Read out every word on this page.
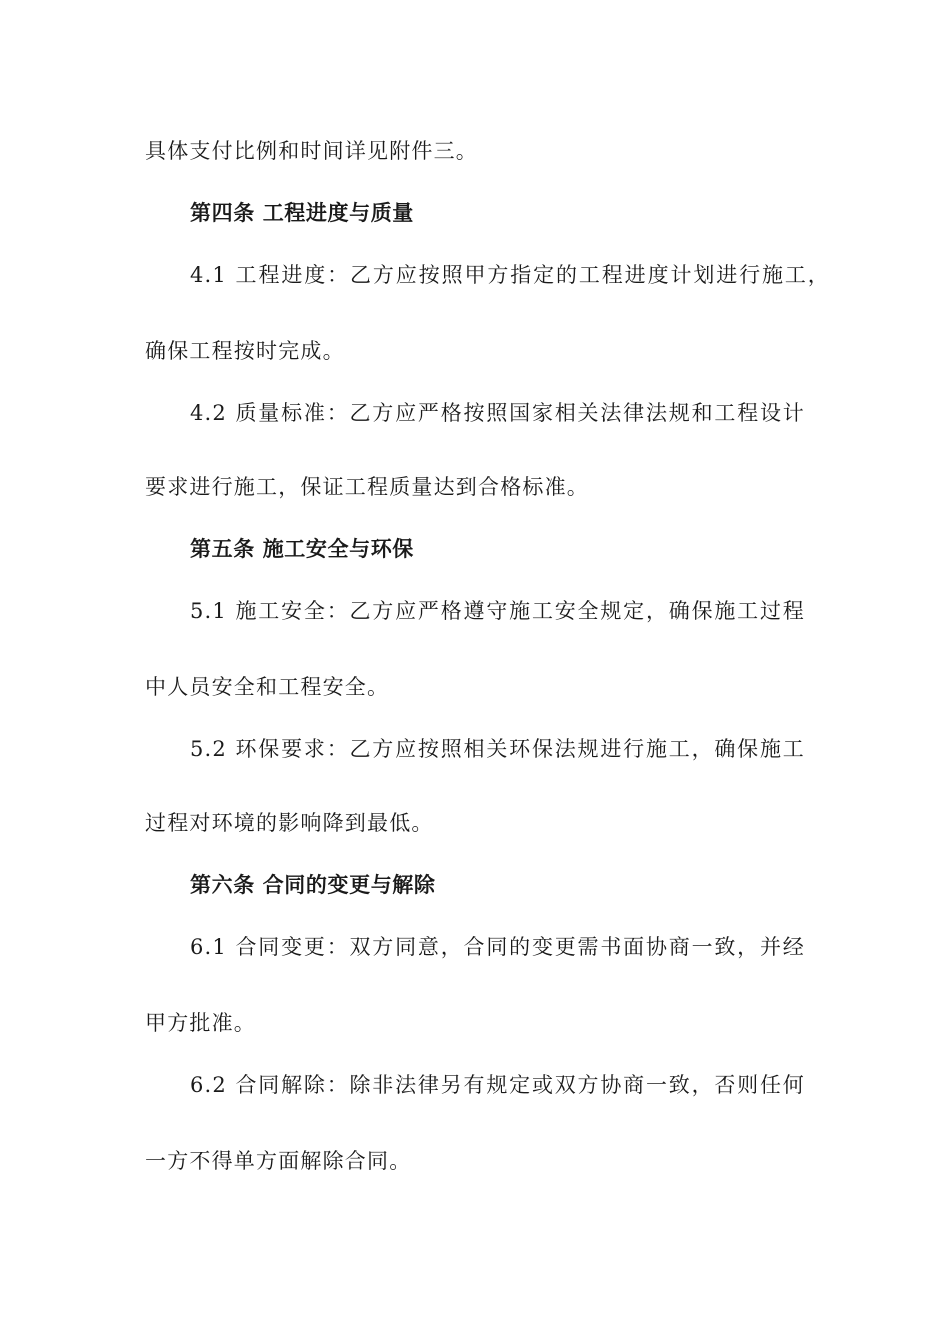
具体支付比例和时间详见附件三。
第四条 工程进度与质量
4.1 工程进度：乙方应按照甲方指定的工程进度计划进行施工，
确保工程按时完成。
4.2 质量标准：乙方应严格按照国家相关法律法规和工程设计
要求进行施工，保证工程质量达到合格标准。
第五条 施工安全与环保
5.1 施工安全：乙方应严格遵守施工安全规定，确保施工过程
中人员安全和工程安全。
5.2 环保要求：乙方应按照相关环保法规进行施工，确保施工
过程对环境的影响降到最低。
第六条 合同的变更与解除
6.1 合同变更：双方同意，合同的变更需书面协商一致，并经
甲方批准。
6.2 合同解除：除非法律另有规定或双方协商一致，否则任何
一方不得单方面解除合同。
